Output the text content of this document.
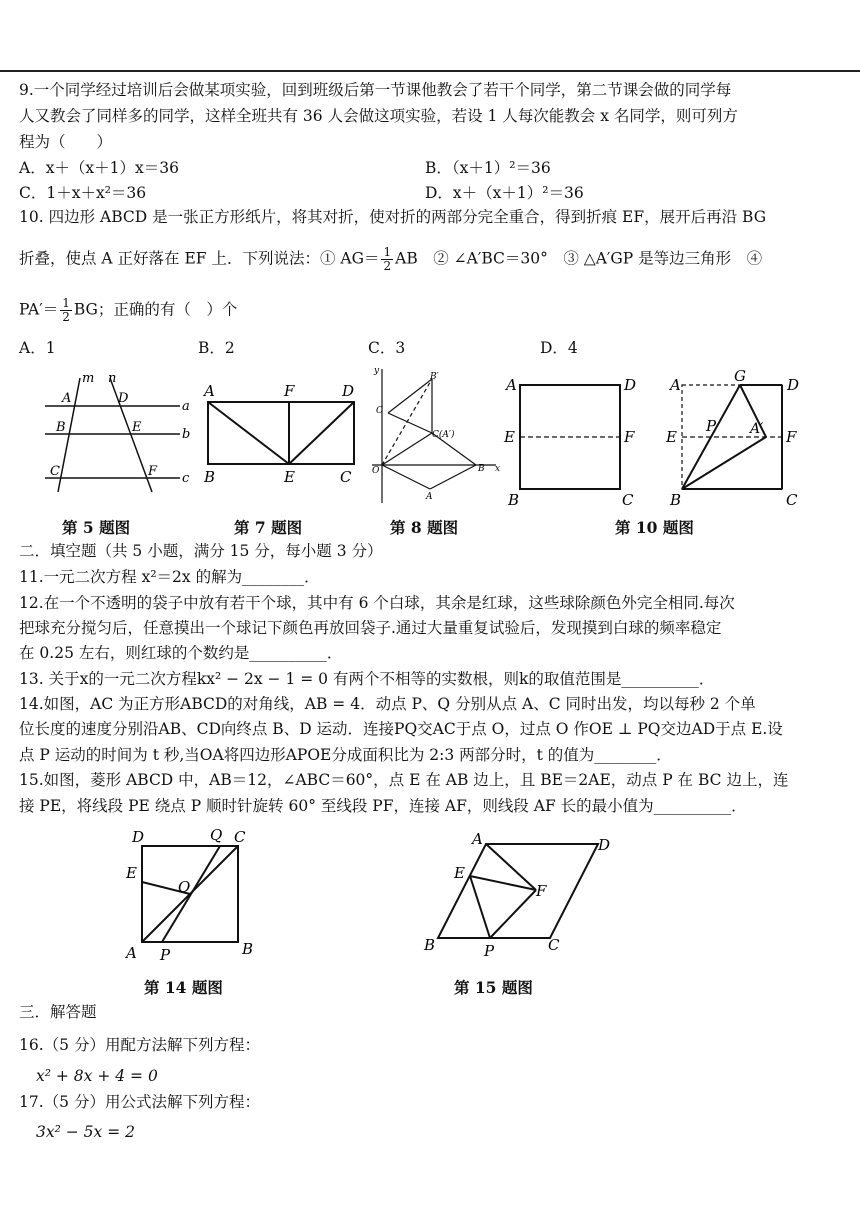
9.一个同学经过培训后会做某项实验，回到班级后第一节课他教会了若干个同学，第二节课会做的同学每
人又教会了同样多的同学，这样全班共有 36 人会做这项实验，若设 1 人每次能教会 x 名同学，则可列方
程为（　　）
A．x＋（x＋1）x＝36	B．（x＋1）²＝36
C．1＋x＋x²＝36	D．x＋（x＋1）²＝36
10. 四边形 ABCD 是一张正方形纸片，将其对折，使对折的两部分完全重合，得到折痕 EF，展开后再沿 BG
折叠，使点 A 正好落在 EF 上．下列说法：① $AG= \frac{1}{2}$ AB　② ∠A′BC＝30°　③ △A′GP 是等边三角形　④
$PA'= \frac{1}{2}$ BG；正确的有（　）个
A．1	B．2	C．3	D．4
m n
a
b
c
A
B
C
D
E
F
第 5 题图
A	F	D
B	E	C
第 7 题图
y
x
O
B′
C
C(A′)
B
A
第 8 题图
A	D
E	F
B	C
A	G	D
E
P A′ F
B	C
第 10 题图
二．填空题（共 5 小题，满分 15 分，每小题 3 分）
11.一元二次方程 x²＝2x 的解为________．
12.在一个不透明的袋子中放有若干个球，其中有 6 个白球，其余是红球，这些球除颜色外完全相同.每次
把球充分搅匀后，任意摸出一个球记下颜色再放回袋子.通过大量重复试验后，发现摸到白球的频率稳定
在 0.25 左右，则红球的个数约是__________．
13. 关于x的一元二次方程kx² − 2x − 1 = 0 有两个不相等的实数根，则k的取值范围是__________．
14.如图，AC 为正方形ABCD的对角线，AB = 4．动点 P、Q 分别从点 A、C 同时出发，均以每秒 2 个单
位长度的速度分别沿AB、CD向终点 B、D 运动．连接PQ交AC于点 O，过点 O 作OE ⊥ PQ交边AD于点 E.设
点 P 运动的时间为 t 秒,当OA将四边形APOE分成面积比为 2:3 两部分时，t 的值为________．
15.如图，菱形 ABCD 中，AB＝12，∠ABC＝60°，点 E 在 AB 边上，且 BE＝2AE，动点 P 在 BC 边上，连
接 PE，将线段 PE 绕点 P 顺时针旋转 60° 至线段 PF，连接 AF，则线段 AF 长的最小值为__________．
D	Q C
E
O
A P	B
第 14 题图
A	D
E
F
B	P	C
第 15 题图
三．解答题
16.（5 分）用配方法解下列方程：
x² + 8x + 4 = 0
17.（5 分）用公式法解下列方程：
3x² − 5x = 2
